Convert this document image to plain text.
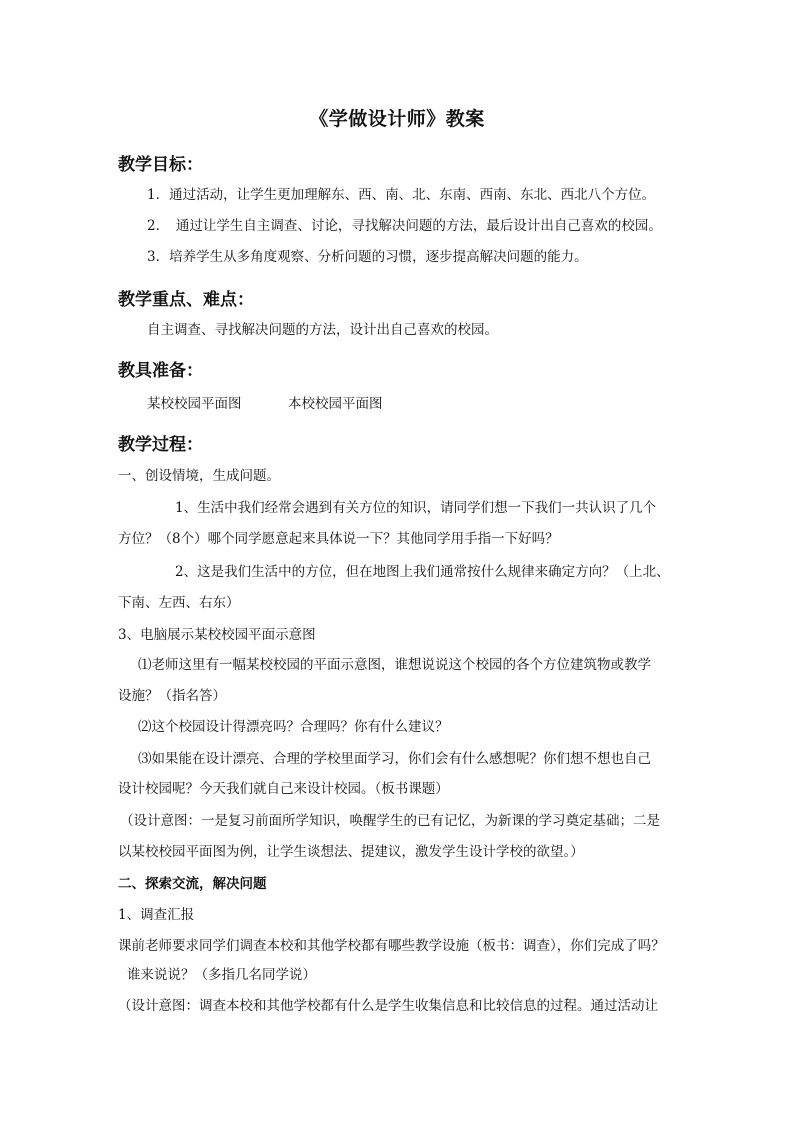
《学做设计师》教案
教学目标：
1．通过活动，让学生更加理解东、西、南、北、东南、西南、东北、西北八个方位。
2．　通过让学生自主调查、讨论，寻找解决问题的方法，最后设计出自己喜欢的校园。
3．培养学生从多角度观察、分析问题的习惯，逐步提高解决问题的能力。
教学重点、难点：
自主调查、寻找解决问题的方法，设计出自己喜欢的校园。
教具准备：
某校校园平面图	本校校园平面图
教学过程：
一、创设情境，生成问题。
1、生活中我们经常会遇到有关方位的知识，请同学们想一下我们一共认识了几个
方位？（8个）哪个同学愿意起来具体说一下？其他同学用手指一下好吗？
2、这是我们生活中的方位，但在地图上我们通常按什么规律来确定方向？（上北、
下南、左西、右东）
3、电脑展示某校校园平面示意图
⑴老师这里有一幅某校校园的平面示意图，谁想说说这个校园的各个方位建筑物或教学
设施？（指名答）
⑵这个校园设计得漂亮吗？合理吗？你有什么建议？
⑶如果能在设计漂亮、合理的学校里面学习，你们会有什么感想呢？你们想不想也自己
设计校园呢？今天我们就自己来设计校园。（板书课题）
（设计意图：一是复习前面所学知识，唤醒学生的已有记忆，为新课的学习奠定基础；二是
以某校校园平面图为例，让学生谈想法、提建议，激发学生设计学校的欲望。）
二、探索交流，解决问题
1、调查汇报
课前老师要求同学们调查本校和其他学校都有哪些教学设施（板书：调查），你们完成了吗？
谁来说说？（多指几名同学说）
（设计意图：调查本校和其他学校都有什么是学生收集信息和比较信息的过程。通过活动让
